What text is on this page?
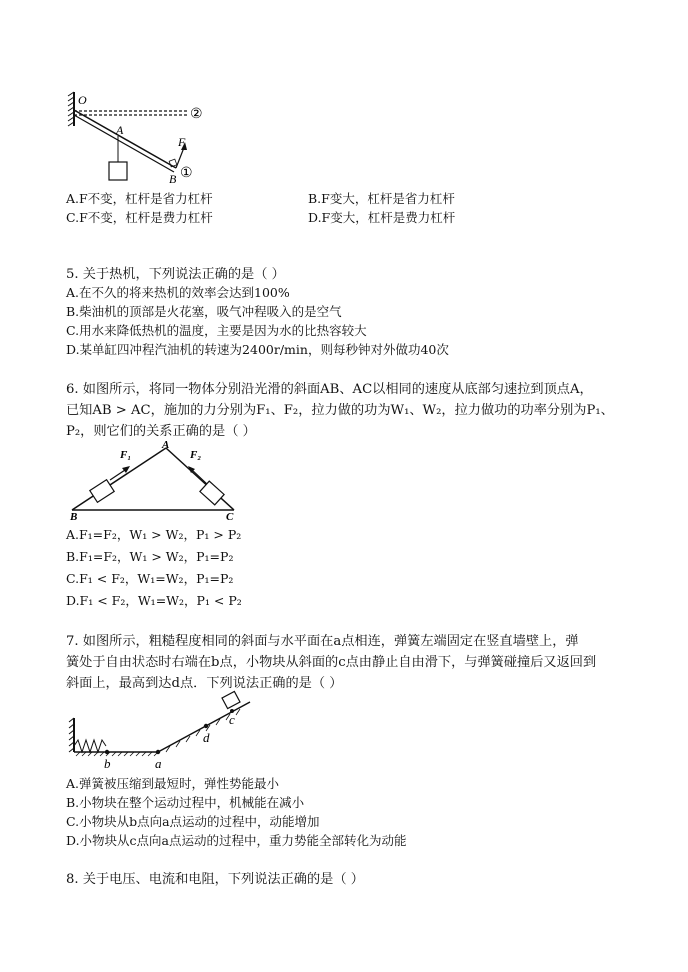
O
A
B
F
①
②
A.F不变，杠杆是省力杠杆	B.F变大，杠杆是省力杠杆
C.F不变，杠杆是费力杠杆	D.F变大，杠杆是费力杠杆
5. 关于热机，下列说法正确的是（ ）
A.在不久的将来热机的效率会达到100%
B.柴油机的顶部是火花塞，吸气冲程吸入的是空气
C.用水来降低热机的温度，主要是因为水的比热容较大
D.某单缸四冲程汽油机的转速为2400r/min，则每秒钟对外做功40次
6. 如图所示，将同一物体分别沿光滑的斜面AB、AC以相同的速度从底部匀速拉到顶点A，
已知AB > AC，施加的力分别为F₁、F₂，拉力做的功为W₁、W₂，拉力做功的功率分别为P₁、
P₂，则它们的关系正确的是（ ）
A
B	C
F₁	F₂
A.F₁=F₂，W₁ > W₂，P₁ > P₂
B.F₁=F₂，W₁ > W₂，P₁=P₂
C.F₁ < F₂，W₁=W₂，P₁=P₂
D.F₁ < F₂，W₁=W₂，P₁ < P₂
7. 如图所示，粗糙程度相同的斜面与水平面在a点相连，弹簧左端固定在竖直墙壁上，弹
簧处于自由状态时右端在b点，小物块从斜面的c点由静止自由滑下，与弹簧碰撞后又返回到
斜面上，最高到达d点．下列说法正确的是（ ）
b	a
d
c
A.弹簧被压缩到最短时，弹性势能最小
B.小物块在整个运动过程中，机械能在减小
C.小物块从b点向a点运动的过程中，动能增加
D.小物块从c点向a点运动的过程中，重力势能全部转化为动能
8. 关于电压、电流和电阻，下列说法正确的是（ ）
